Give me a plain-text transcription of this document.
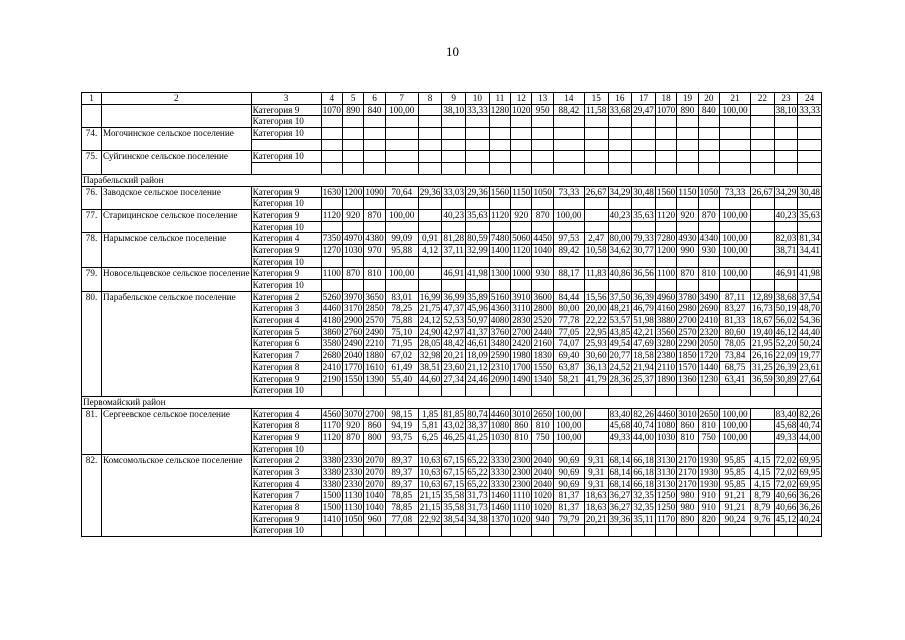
10
1	2	3	4	5	6	7	8	9	10	11	12	13	14	15	16	17	18	19	20	21	22	23	24
		Категория 9	1070	890	840	100,00		38,10	33,33	1280	1020	950	88,42	11,58	33,68	29,47	1070	890	840	100,00		38,10	33,33
		Категория 10																					
74.	Могочинское сельское поселение	Категория 10																					

75.	Суйгинское сельское поселение	Категория 10																					

Парабельский район																							
76.	Заводское сельское поселение	Категория 9	1630	1200	1090	70,64	29,36	33,03	29,36	1560	1150	1050	73,33	26,67	34,29	30,48	1560	1150	1050	73,33	26,67	34,29	30,48
		Категория 10																					
77.	Старицинское сельское поселение	Категория 9	1120	920	870	100,00		40,23	35,63	1120	920	870	100,00		40,23	35,63	1120	920	870	100,00		40,23	35,63
		Категория 10																					
78.	Нарымское сельское поселение	Категория 4	7350	4970	4380	99,09	0,91	81,28	80,59	7480	5060	4450	97,53	2,47	80,00	79,33	7280	4930	4340	100,00		82,03	81,34
		Категория 9	1270	1030	970	95,88	4,12	37,11	32,99	1400	1120	1040	89,42	10,58	34,62	30,77	1200	990	930	100,00		38,71	34,41
		Категория 10																					
79.	Новосельцевское сельское поселение	Категория 9	1100	870	810	100,00		46,91	41,98	1300	1000	930	88,17	11,83	40,86	36,56	1100	870	810	100,00		46,91	41,98
		Категория 10																					
80.	Парабельское сельское поселение	Категория 2	5260	3970	3650	83,01	16,99	36,99	35,89	5160	3910	3600	84,44	15,56	37,50	36,39	4960	3780	3490	87,11	12,89	38,68	37,54
		Категория 3	4460	3170	2850	78,25	21,75	47,37	45,96	4360	3110	2800	80,00	20,00	48,21	46,79	4160	2980	2690	83,27	16,73	50,19	48,70
		Категория 4	4180	2900	2570	75,88	24,12	52,53	50,97	4080	2830	2520	77,78	22,22	53,57	51,98	3880	2700	2410	81,33	18,67	56,02	54,36
		Категория 5	3860	2760	2490	75,10	24,90	42,97	41,37	3760	2700	2440	77,05	22,95	43,85	42,21	3560	2570	2320	80,60	19,40	46,12	44,40
		Категория 6	3580	2490	2210	71,95	28,05	48,42	46,61	3480	2420	2160	74,07	25,93	49,54	47,69	3280	2290	2050	78,05	21,95	52,20	50,24
		Категория 7	2680	2040	1880	67,02	32,98	20,21	18,09	2590	1980	1830	69,40	30,60	20,77	18,58	2380	1850	1720	73,84	26,16	22,09	19,77
		Категория 8	2410	1770	1610	61,49	38,51	23,60	21,12	2310	1700	1550	63,87	36,13	24,52	21,94	2110	1570	1440	68,75	31,25	26,39	23,61
		Категория 9	2190	1550	1390	55,40	44,60	27,34	24,46	2090	1490	1340	58,21	41,79	28,36	25,37	1890	1360	1230	63,41	36,59	30,89	27,64
		Категория 10																					
Первомайский район																							
81.	Сергеевское сельское поселение	Категория 4	4560	3070	2700	98,15	1,85	81,85	80,74	4460	3010	2650	100,00		83,40	82,26	4460	3010	2650	100,00		83,40	82,26
		Категория 8	1170	920	860	94,19	5,81	43,02	38,37	1080	860	810	100,00		45,68	40,74	1080	860	810	100,00		45,68	40,74
		Категория 9	1120	870	800	93,75	6,25	46,25	41,25	1030	810	750	100,00		49,33	44,00	1030	810	750	100,00		49,33	44,00
		Категория 10																					
82.	Комсомольское сельское поселение	Категория 2	3380	2330	2070	89,37	10,63	67,15	65,22	3330	2300	2040	90,69	9,31	68,14	66,18	3130	2170	1930	95,85	4,15	72,02	69,95
		Категория 3	3380	2330	2070	89,37	10,63	67,15	65,22	3330	2300	2040	90,69	9,31	68,14	66,18	3130	2170	1930	95,85	4,15	72,02	69,95
		Категория 4	3380	2330	2070	89,37	10,63	67,15	65,22	3330	2300	2040	90,69	9,31	68,14	66,18	3130	2170	1930	95,85	4,15	72,02	69,95
		Категория 7	1500	1130	1040	78,85	21,15	35,58	31,73	1460	1110	1020	81,37	18,63	36,27	32,35	1250	980	910	91,21	8,79	40,66	36,26
		Категория 8	1500	1130	1040	78,85	21,15	35,58	31,73	1460	1110	1020	81,37	18,63	36,27	32,35	1250	980	910	91,21	8,79	40,66	36,26
		Категория 9	1410	1050	960	77,08	22,92	38,54	34,38	1370	1020	940	79,79	20,21	39,36	35,11	1170	890	820	90,24	9,76	45,12	40,24
		Категория 10																					
